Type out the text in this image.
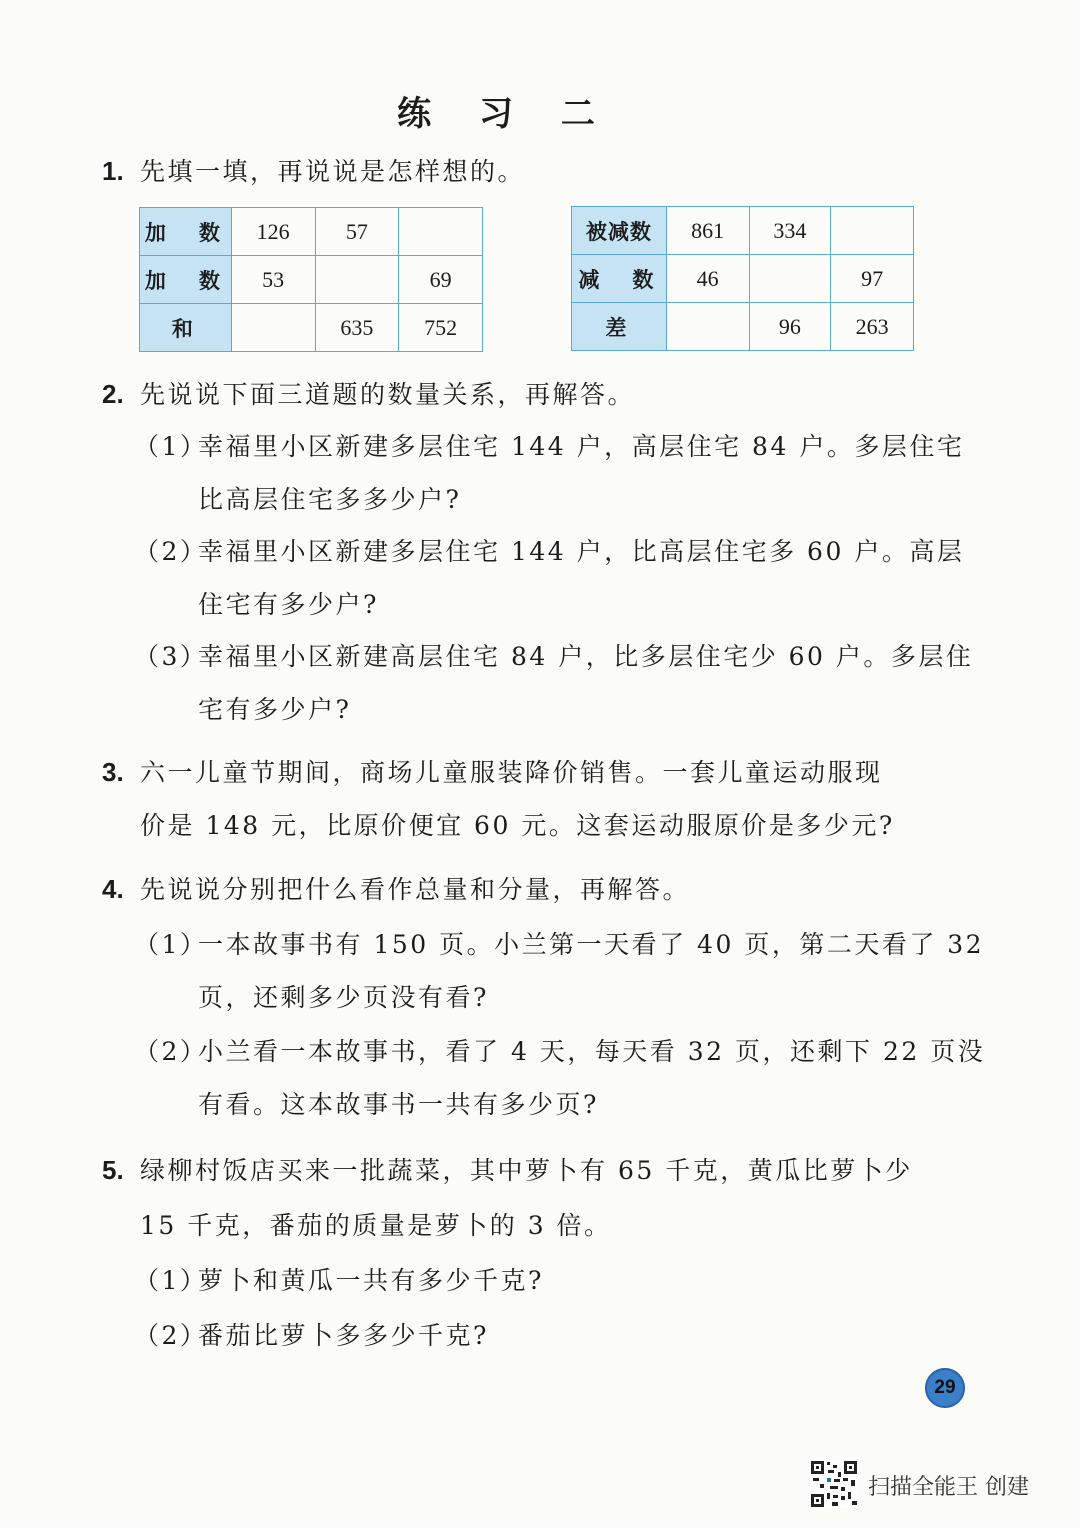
练 习 二
1. 先填一填，再说说是怎样想的。
加　数	126	57	
加　数	53		69
和		635	752
被减数	861	334	
减　数	46		97
差		96	263
2. 先说说下面三道题的数量关系，再解答。
（1）
幸福里小区新建多层住宅 144 户，高层住宅 84 户。多层住宅
比高层住宅多多少户?
（2）
幸福里小区新建多层住宅 144 户，比高层住宅多 60 户。高层
住宅有多少户?
（3）
幸福里小区新建高层住宅 84 户，比多层住宅少 60 户。多层住
宅有多少户?
3. 六一儿童节期间，商场儿童服装降价销售。一套儿童运动服现
价是 148 元，比原价便宜 60 元。这套运动服原价是多少元?
4. 先说说分别把什么看作总量和分量，再解答。
（1）
一本故事书有 150 页。小兰第一天看了 40 页，第二天看了 32
页，还剩多少页没有看?
（2）
小兰看一本故事书，看了 4 天，每天看 32 页，还剩下 22 页没
有看。这本故事书一共有多少页?
5. 绿柳村饭店买来一批蔬菜，其中萝卜有 65 千克，黄瓜比萝卜少
15 千克，番茄的质量是萝卜的 3 倍。
（1）
萝卜和黄瓜一共有多少千克?
（2）
番茄比萝卜多多少千克?
29
扫描全能王 创建
